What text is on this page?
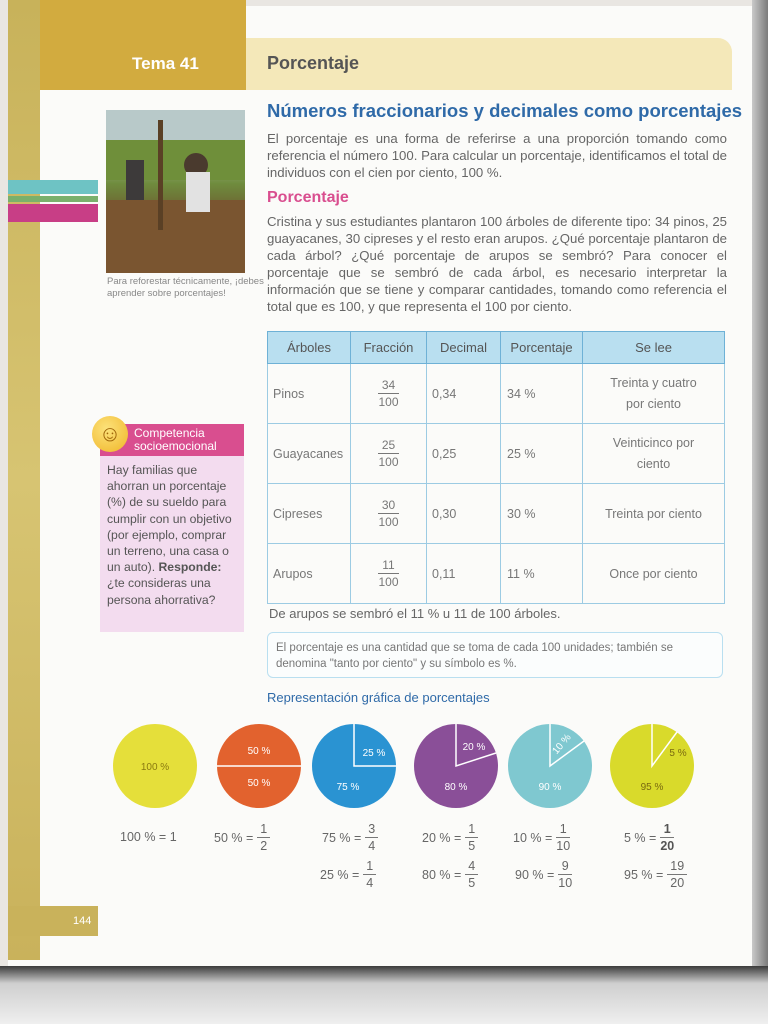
Tema 41	Porcentaje
Para reforestar técnicamente, ¡debes aprender sobre porcentajes!
Competencia
socioemocional
☺
Hay familias que ahorran un porcentaje (%) de su sueldo para cumplir con un objetivo (por ejemplo, comprar un terreno, una casa o un auto). Responde: ¿te consideras una persona ahorrativa?
Números fraccionarios y decimales como porcentajes
El porcentaje es una forma de referirse a una proporción tomando como referencia el número 100. Para calcular un porcentaje, identificamos el total de individuos con el cien por ciento, 100 %.
Porcentaje
Cristina y sus estudiantes plantaron 100 árboles de diferente tipo: 34 pinos, 25 guayacanes, 30 cipreses y el resto eran arupos. ¿Qué porcentaje plantaron de cada árbol? ¿Qué porcentaje de arupos se sembró? Para conocer el porcentaje que se sembró de cada árbol, es necesario interpretar la información que se tiene y comparar cantidades, tomando como referencia el total que es 100, y que representa el 100 por ciento.
Árboles	Fracción	Decimal	Porcentaje	Se lee
Pinos	$\frac{34}{100}$	0,34	34 %	Treinta y cuatro por ciento
Guayacanes	$\frac{25}{100}$	0,25	25 %	Veinticinco por ciento
Cipreses	$\frac{30}{100}$	0,30	30 %	Treinta por ciento
Arupos	$\frac{11}{100}$	0,11	11 %	Once por ciento
De arupos se sembró el 11 % u 11 de 100 árboles.
El porcentaje es una cantidad que se toma de cada 100 unidades; también se denomina "tanto por ciento" y su símbolo es %.
Representación gráfica de porcentajes
100 %
50 %
50 %
25 %
75 %
20 %
80 %
10 %
90 %
5 %
95 %
100 % = 1	50 % = $\frac{1}{2}$	75 % = $\frac{3}{4}$	20 % = $\frac{1}{5}$	10 % = $\frac{1}{10}$	5 % = $\frac{1}{20}$
25 % = $\frac{1}{4}$	80 % = $\frac{4}{5}$	90 % = $\frac{9}{10}$	95 % = $\frac{19}{20}$
144
